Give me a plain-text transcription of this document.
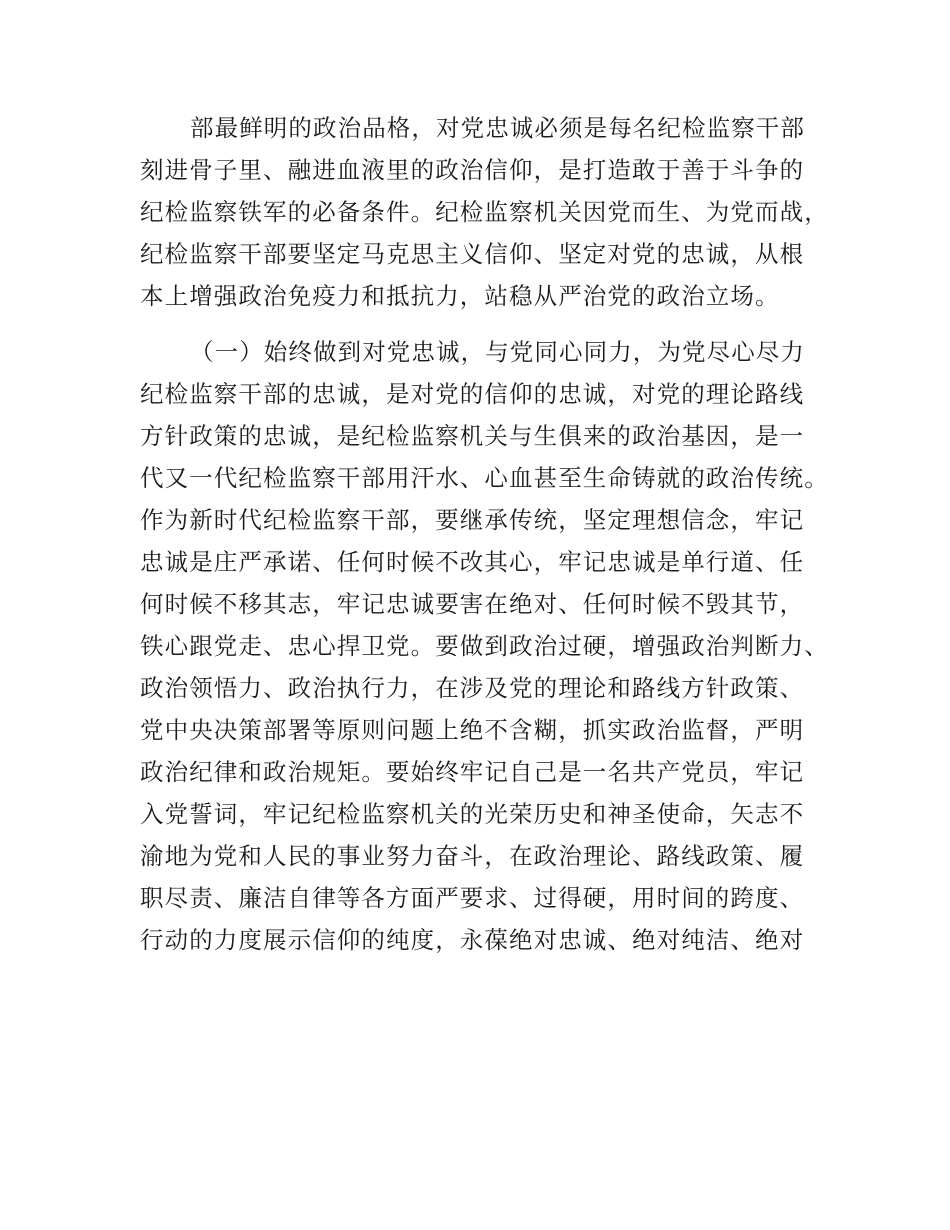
部最鲜明的政治品格，对党忠诚必须是每名纪检监察干部
刻进骨子里、融进血液里的政治信仰，是打造敢于善于斗争的
纪检监察铁军的必备条件。纪检监察机关因党而生、为党而战，
纪检监察干部要坚定马克思主义信仰、坚定对党的忠诚，从根
本上增强政治免疫力和抵抗力，站稳从严治党的政治立场。
（一）始终做到对党忠诚，与党同心同力，为党尽心尽力
纪检监察干部的忠诚，是对党的信仰的忠诚，对党的理论路线
方针政策的忠诚，是纪检监察机关与生俱来的政治基因，是一
代又一代纪检监察干部用汗水、心血甚至生命铸就的政治传统。
作为新时代纪检监察干部，要继承传统，坚定理想信念，牢记
忠诚是庄严承诺、任何时候不改其心，牢记忠诚是单行道、任
何时候不移其志，牢记忠诚要害在绝对、任何时候不毁其节，
铁心跟党走、忠心捍卫党。要做到政治过硬，增强政治判断力、
政治领悟力、政治执行力，在涉及党的理论和路线方针政策、
党中央决策部署等原则问题上绝不含糊，抓实政治监督，严明
政治纪律和政治规矩。要始终牢记自己是一名共产党员，牢记
入党誓词，牢记纪检监察机关的光荣历史和神圣使命，矢志不
渝地为党和人民的事业努力奋斗，在政治理论、路线政策、履
职尽责、廉洁自律等各方面严要求、过得硬，用时间的跨度、
行动的力度展示信仰的纯度，永葆绝对忠诚、绝对纯洁、绝对
